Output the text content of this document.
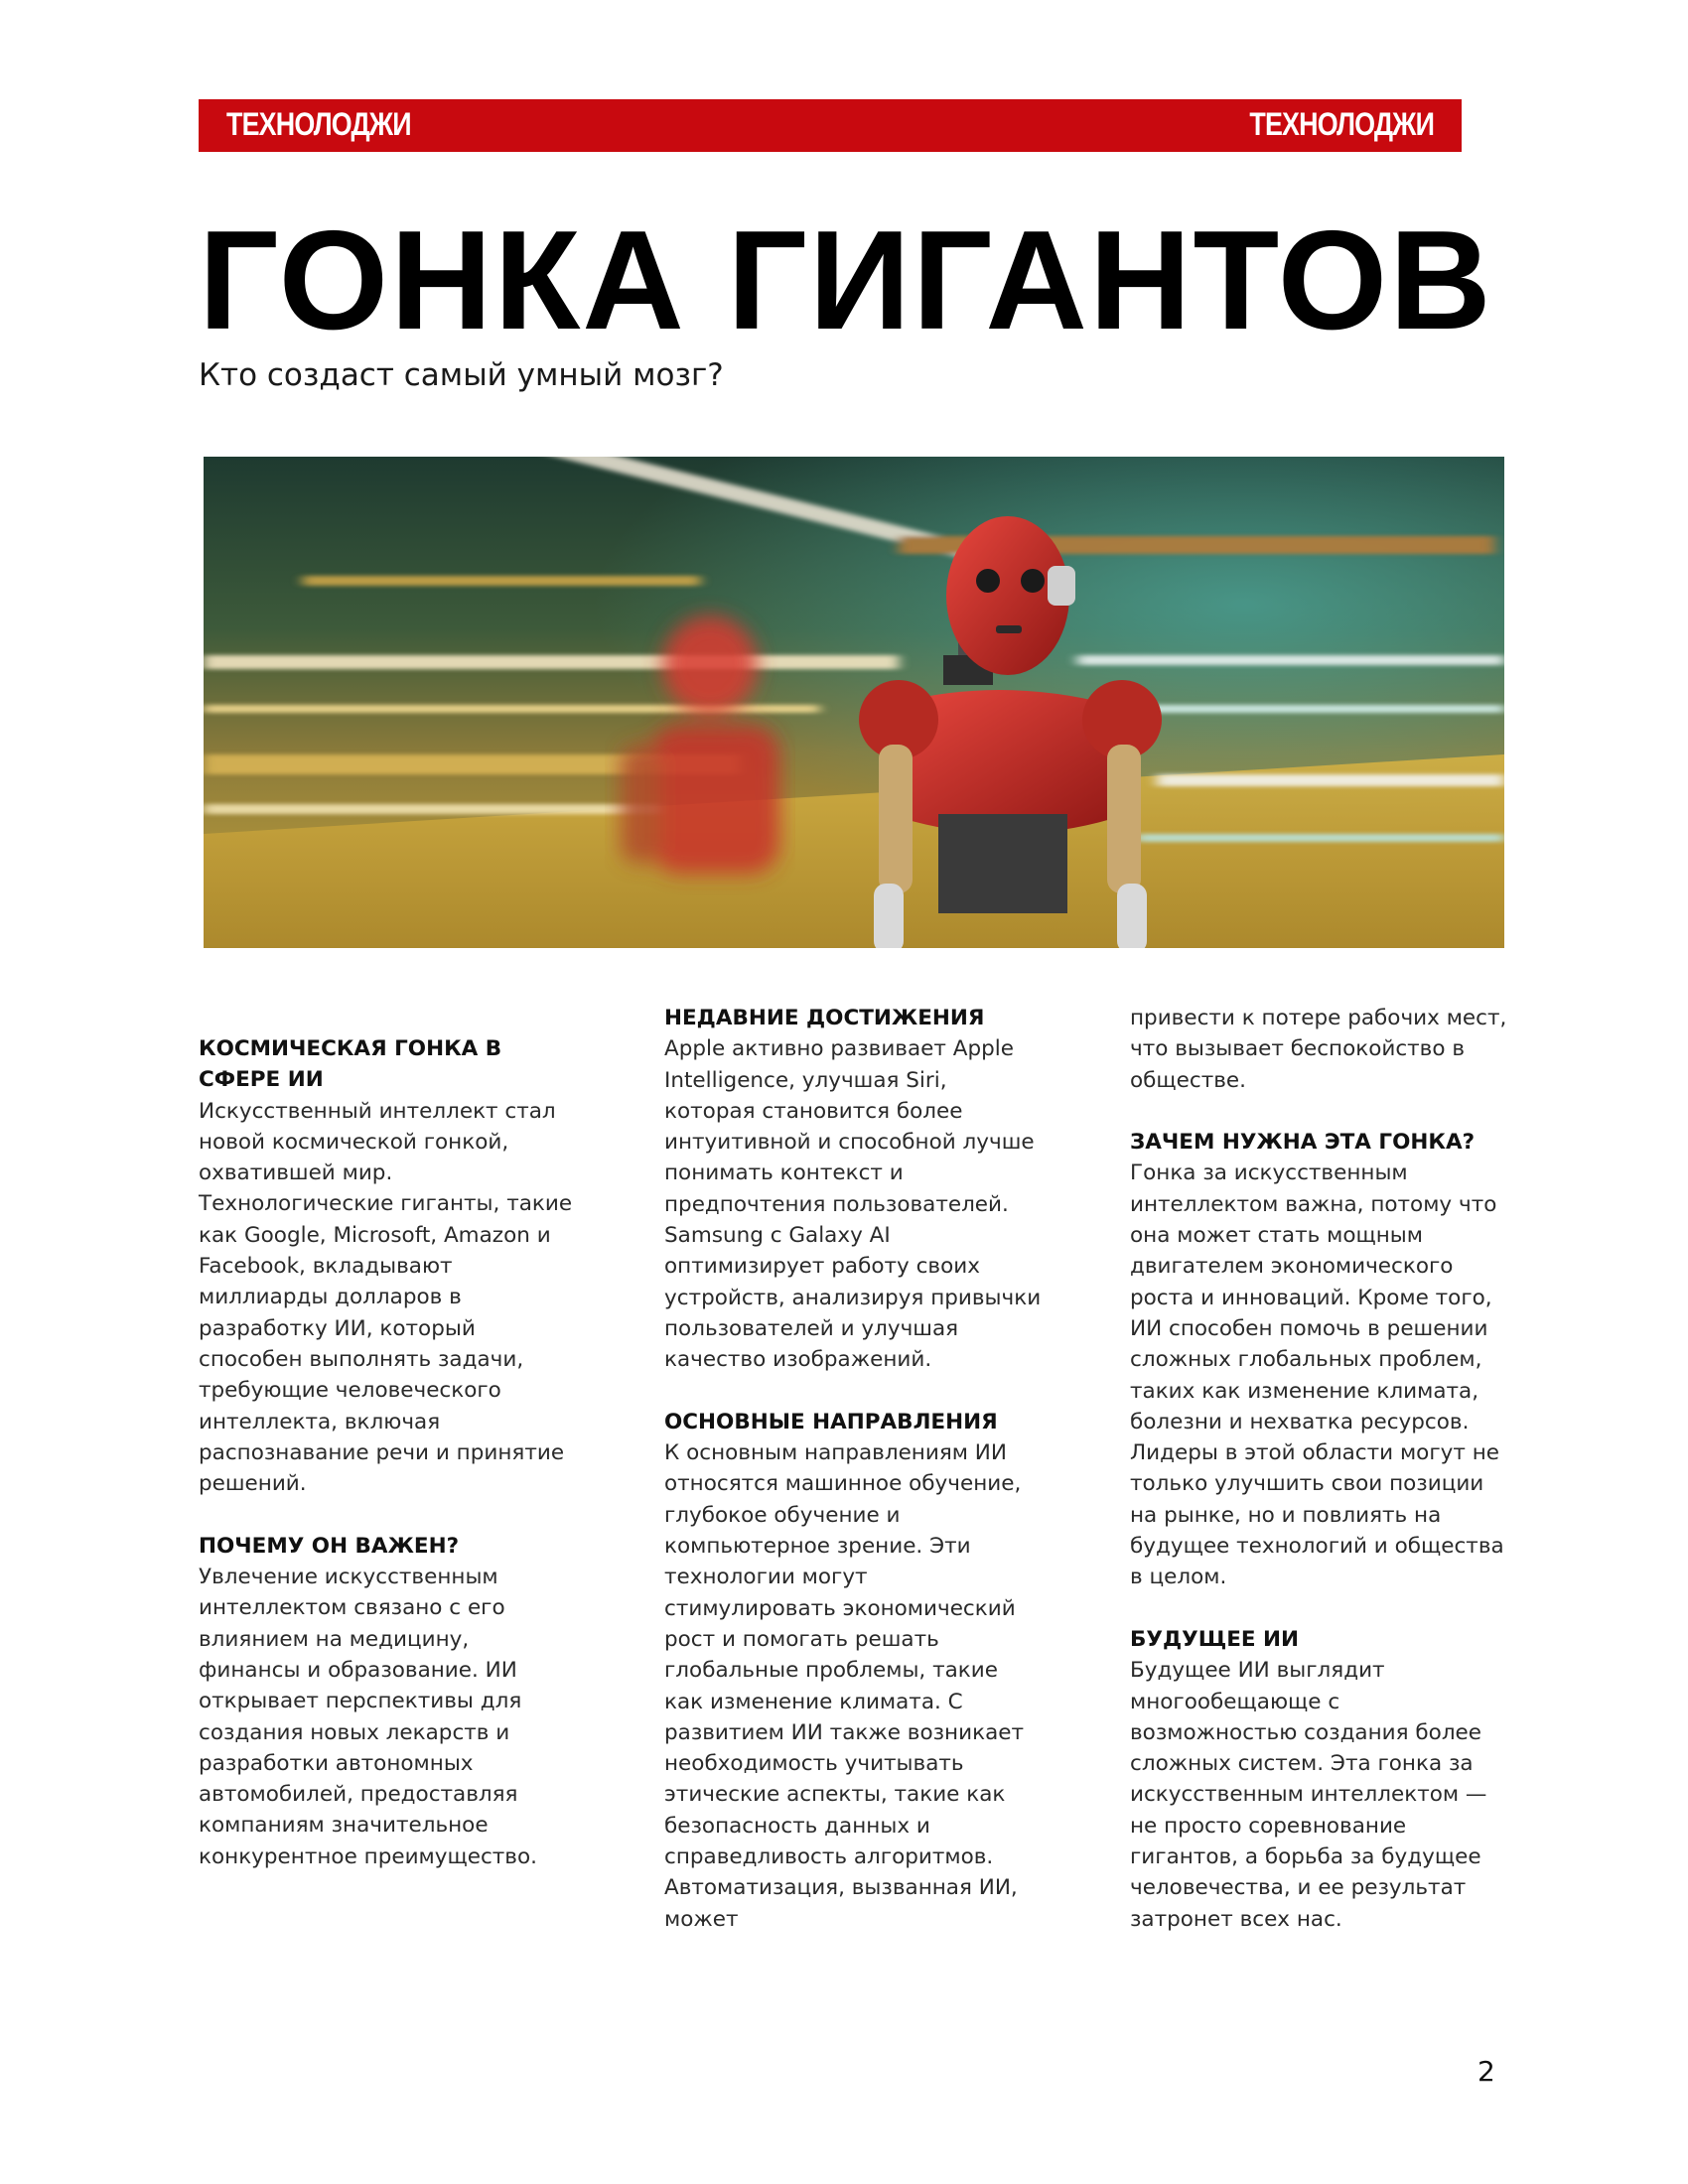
ТЕХНОЛОДЖИ	ТЕХНОЛОДЖИ
ГОНКА ГИГАНТОВ

Кто создаст самый умный мозг?

КОСМИЧЕСКАЯ ГОНКА В СФЕРЕ ИИ

Искусственный интеллект стал новой космической гонкой, охватившей мир. Технологические гиганты, такие как Google, Microsoft, Amazon и Facebook, вкладывают миллиарды долларов в разработку ИИ, который способен выполнять задачи, требующие человеческого интеллекта, включая распознавание речи и принятие решений.

ПОЧЕМУ ОН ВАЖЕН?

Увлечение искусственным интеллектом связано с его влиянием на медицину, финансы и образование. ИИ открывает перспективы для создания новых лекарств и разработки автономных автомобилей, предоставляя компаниям значительное конкурентное преимущество.

НЕДАВНИЕ ДОСТИЖЕНИЯ

Apple активно развивает Apple Intelligence, улучшая Siri, которая становится более интуитивной и способной лучше понимать контекст и предпочтения пользователей. Samsung с Galaxy AI оптимизирует работу своих устройств, анализируя привычки пользователей и улучшая качество изображений.

ОСНОВНЫЕ НАПРАВЛЕНИЯ

К основным направлениям ИИ относятся машинное обучение, глубокое обучение и компьютерное зрение. Эти технологии могут стимулировать экономический рост и помогать решать глобальные проблемы, такие как изменение климата. С развитием ИИ также возникает необходимость учитывать этические аспекты, такие как безопасность данных и справедливость алгоритмов. Автоматизация, вызванная ИИ, может

привести к потере рабочих мест, что вызывает беспокойство в обществе.

ЗАЧЕМ НУЖНА ЭТА ГОНКА?

Гонка за искусственным интеллектом важна, потому что она может стать мощным двигателем экономического роста и инноваций. Кроме того, ИИ способен помочь в решении сложных глобальных проблем, таких как изменение климата, болезни и нехватка ресурсов. Лидеры в этой области могут не только улучшить свои позиции на рынке, но и повлиять на будущее технологий и общества в целом.

БУДУЩЕЕ ИИ

Будущее ИИ выглядит многообещающе с возможностью создания более сложных систем. Эта гонка за искусственным интеллектом — не просто соревнование гигантов, а борьба за будущее человечества, и ее результат затронет всех нас.

2
